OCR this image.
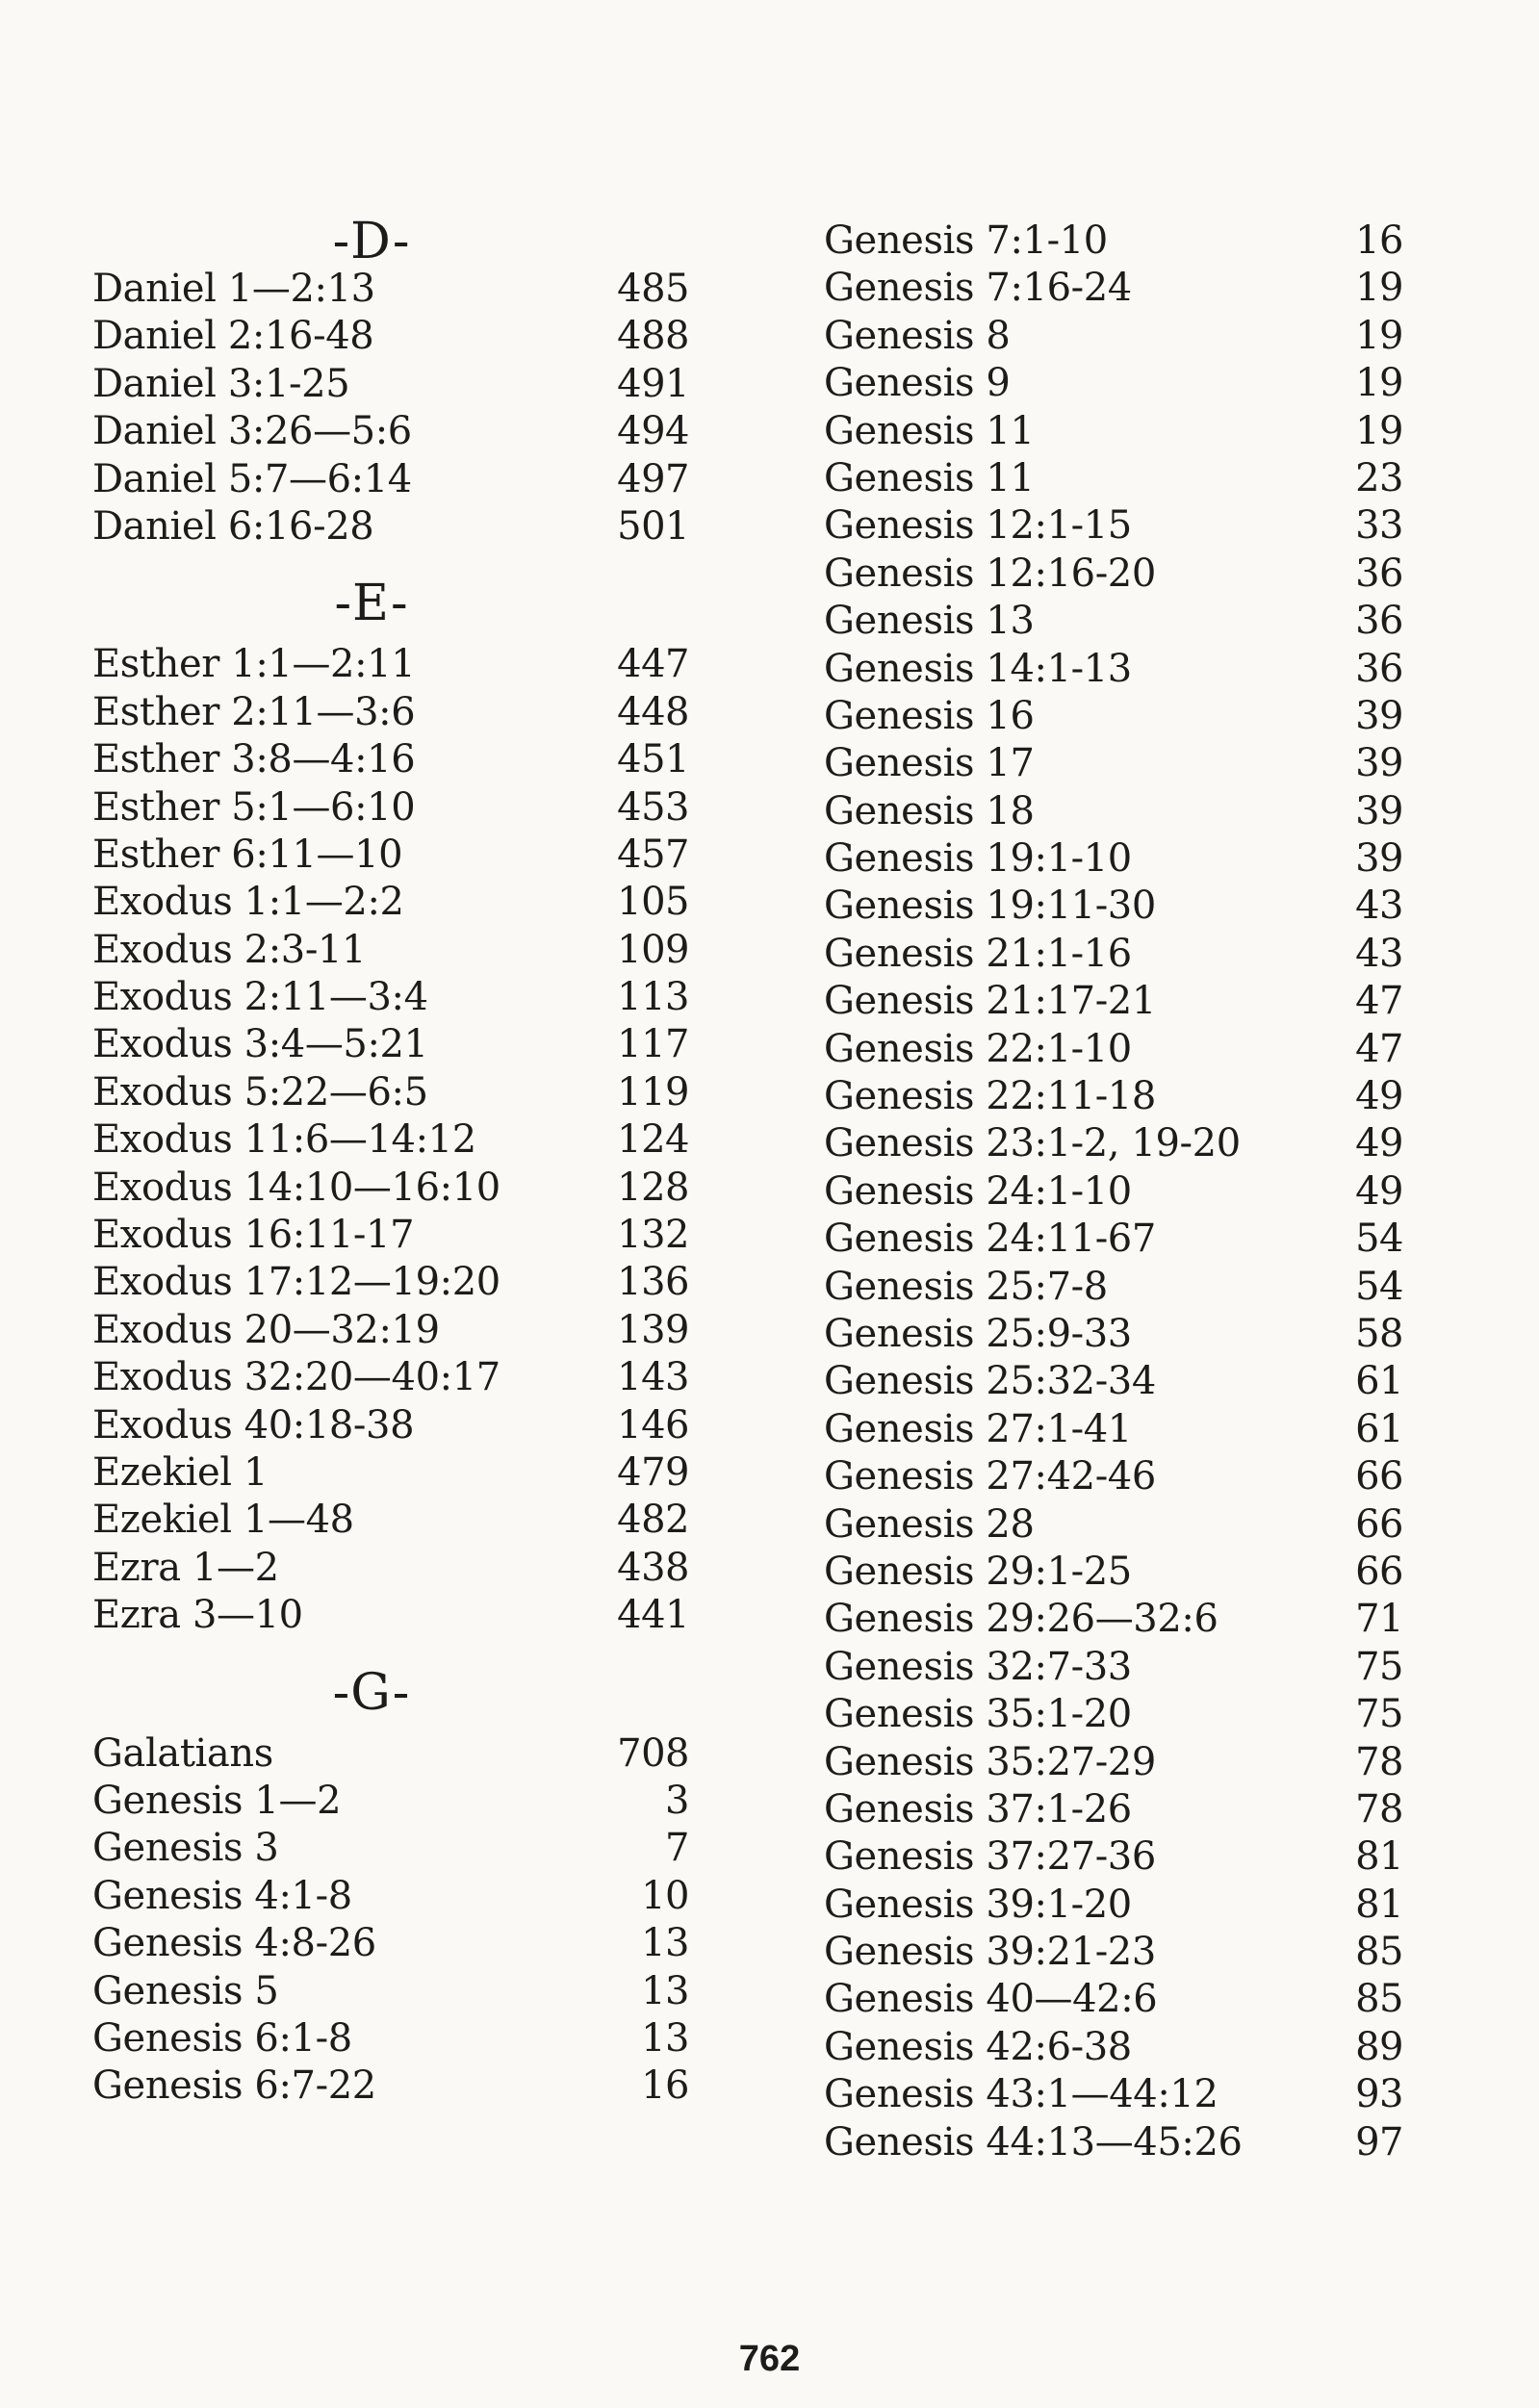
-D-
Daniel 1—2:13	485
Daniel 2:16-48	488
Daniel 3:1-25	491
Daniel 3:26—5:6	494
Daniel 5:7—6:14	497
Daniel 6:16-28	501
-E-
Esther 1:1—2:11	447
Esther 2:11—3:6	448
Esther 3:8—4:16	451
Esther 5:1—6:10	453
Esther 6:11—10	457
Exodus 1:1—2:2	105
Exodus 2:3-11	109
Exodus 2:11—3:4	113
Exodus 3:4—5:21	117
Exodus 5:22—6:5	119
Exodus 11:6—14:12	124
Exodus 14:10—16:10	128
Exodus 16:11-17	132
Exodus 17:12—19:20	136
Exodus 20—32:19	139
Exodus 32:20—40:17	143
Exodus 40:18-38	146
Ezekiel 1	479
Ezekiel 1—48	482
Ezra 1—2	438
Ezra 3—10	441
-G-
Galatians	708
Genesis 1—2	3
Genesis 3	7
Genesis 4:1-8	10
Genesis 4:8-26	13
Genesis 5	13
Genesis 6:1-8	13
Genesis 6:7-22	16
Genesis 7:1-10	16
Genesis 7:16-24	19
Genesis 8	19
Genesis 9	19
Genesis 11	19
Genesis 11	23
Genesis 12:1-15	33
Genesis 12:16-20	36
Genesis 13	36
Genesis 14:1-13	36
Genesis 16	39
Genesis 17	39
Genesis 18	39
Genesis 19:1-10	39
Genesis 19:11-30	43
Genesis 21:1-16	43
Genesis 21:17-21	47
Genesis 22:1-10	47
Genesis 22:11-18	49
Genesis 23:1-2, 19-20	49
Genesis 24:1-10	49
Genesis 24:11-67	54
Genesis 25:7-8	54
Genesis 25:9-33	58
Genesis 25:32-34	61
Genesis 27:1-41	61
Genesis 27:42-46	66
Genesis 28	66
Genesis 29:1-25	66
Genesis 29:26—32:6	71
Genesis 32:7-33	75
Genesis 35:1-20	75
Genesis 35:27-29	78
Genesis 37:1-26	78
Genesis 37:27-36	81
Genesis 39:1-20	81
Genesis 39:21-23	85
Genesis 40—42:6	85
Genesis 42:6-38	89
Genesis 43:1—44:12	93
Genesis 44:13—45:26	97
762
